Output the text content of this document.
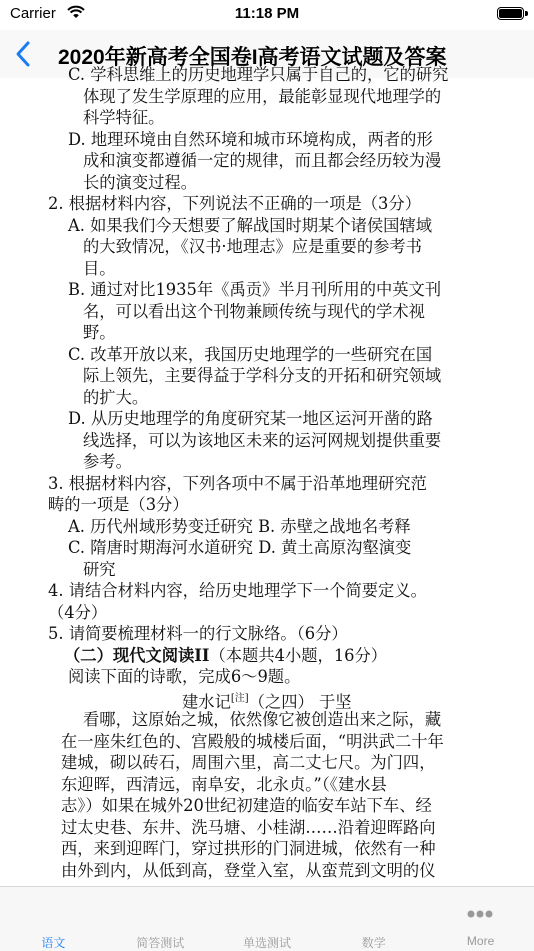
Carrier	11:18 PM
2020年新高考全国卷I高考语文试题及答案
C. 学科思维上的历史地理学只属于自己的，它的研究
体现了发生学原理的应用，最能彰显现代地理学的
科学特征。
D. 地理环境由自然环境和城市环境构成，两者的形
成和演变都遵循一定的规律，而且都会经历较为漫
长的演变过程。
2. 根据材料内容，下列说法不正确的一项是（3分）
A. 如果我们今天想要了解战国时期某个诸侯国辖域
的大致情况，《汉书·地理志》应是重要的参考书
目。
B. 通过对比1935年《禹贡》半月刊所用的中英文刊
名，可以看出这个刊物兼顾传统与现代的学术视
野。
C. 改革开放以来，我国历史地理学的一些研究在国
际上领先，主要得益于学科分支的开拓和研究领域
的扩大。
D. 从历史地理学的角度研究某一地区运河开凿的路
线选择，可以为该地区未来的运河网规划提供重要
参考。
3. 根据材料内容，下列各项中不属于沿革地理研究范
畴的一项是（3分）
A. 历代州域形势变迁研究 B. 赤壁之战地名考释
C. 隋唐时期海河水道研究 D. 黄土高原沟壑演变
研究
4. 请结合材料内容，给历史地理学下一个简要定义。
（4分）
5. 请简要梳理材料一的行文脉络。（6分）
（二）现代文阅读II（本题共4小题，16分）
阅读下面的诗歌，完成6～9题。
建水记[注]（之四） 于坚
看哪，这原始之城，依然像它被创造出来之际，藏
在一座朱红色的、宫殿般的城楼后面，“明洪武二十年
建城，砌以砖石，周围六里，高二丈七尺。为门四，
东迎晖，西清远，南阜安，北永贞。”（《建水县
志》）如果在城外20世纪初建造的临安车站下车、经
过太史巷、东井、洗马塘、小桂湖……沿着迎晖路向
西，来到迎晖门，穿过拱形的门洞进城，依然有一种
由外到内，从低到高，登堂入室，从蛮荒到文明的仪
语文	简答测试	单选测试	数学	More
